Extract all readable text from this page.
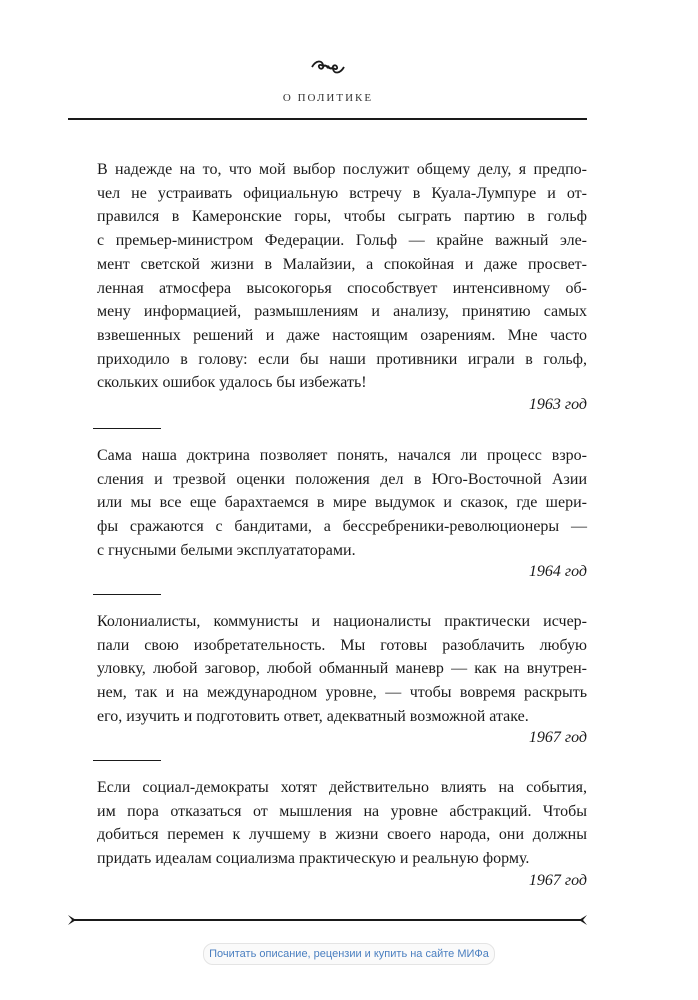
О ПОЛИТИКЕ
В надежде на то, что мой выбор послужит общему делу, я предпо-
чел не устраивать официальную встречу в Куала-Лумпуре и от-
правился в Камеронские горы, чтобы сыграть партию в гольф
с премьер-министром Федерации. Гольф — крайне важный эле-
мент светской жизни в Малайзии, а спокойная и даже просвет-
ленная атмосфера высокогорья способствует интенсивному об-
мену информацией, размышлениям и анализу, принятию самых
взвешенных решений и даже настоящим озарениям. Мне часто
приходило в голову: если бы наши противники играли в гольф,
скольких ошибок удалось бы избежать!
1963 год
Сама наша доктрина позволяет понять, начался ли процесс взро-
сления и трезвой оценки положения дел в Юго-Восточной Азии
или мы все еще барахтаемся в мире выдумок и сказок, где шери-
фы сражаются с бандитами, а бессребреники-революционеры —
с гнусными белыми эксплуататорами.
1964 год
Колониалисты, коммунисты и националисты практически исчер-
пали свою изобретательность. Мы готовы разоблачить любую
уловку, любой заговор, любой обманный маневр — как на внутрен-
нем, так и на международном уровне, — чтобы вовремя раскрыть
его, изучить и подготовить ответ, адекватный возможной атаке.
1967 год
Если социал-демократы хотят действительно влиять на события,
им пора отказаться от мышления на уровне абстракций. Чтобы
добиться перемен к лучшему в жизни своего народа, они должны
придать идеалам социализма практическую и реальную форму.
1967 год
Почитать описание, рецензии и купить на сайте МИФа
